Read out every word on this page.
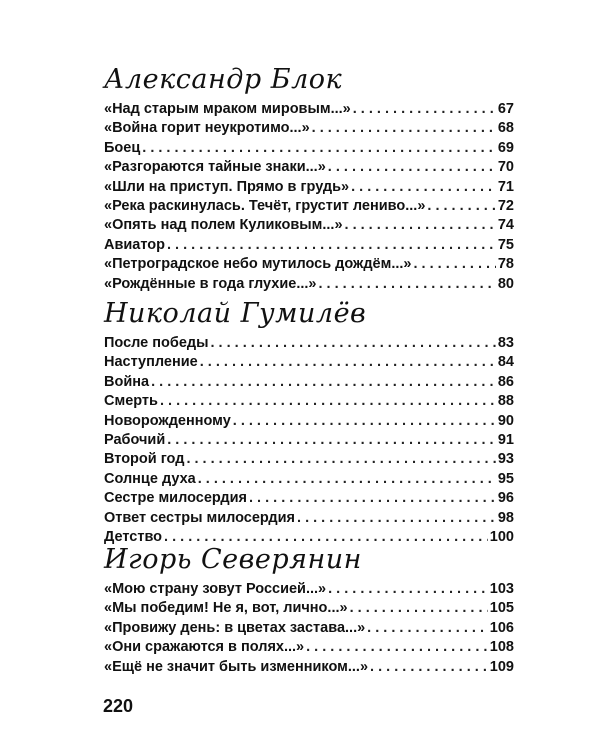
Александр Блок
«Над старым мраком мировым...» . . .	67
«Война горит неукротимо...» . . .	68
Боец . . .	69
«Разгораются тайные знаки...» . . .	70
«Шли на приступ. Прямо в грудь» . . .	71
«Река раскинулась. Течёт, грустит лениво...» . . .	72
«Опять над полем Куликовым...» . . .	74
Авиатор . . .	75
«Петроградское небо мутилось дождём...» . . .	78
«Рождённые в года глухие...» . . .	80
Николай Гумилёв
После победы . . .	83
Наступление . . .	84
Война . . .	86
Смерть . . .	88
Новорожденному . . .	90
Рабочий . . .	91
Второй год . . .	93
Солнце духа . . .	95
Сестре милосердия . . .	96
Ответ сестры милосердия . . .	98
Детство . . .	100
Игорь Северянин
«Мою страну зовут Россией...» . . .	103
«Мы победим! Не я, вот, лично...» . . .	105
«Провижу день: в цветах застава...» . . .	106
«Они сражаются в полях...» . . .	108
«Ещё не значит быть изменником...» . . .	109
220
